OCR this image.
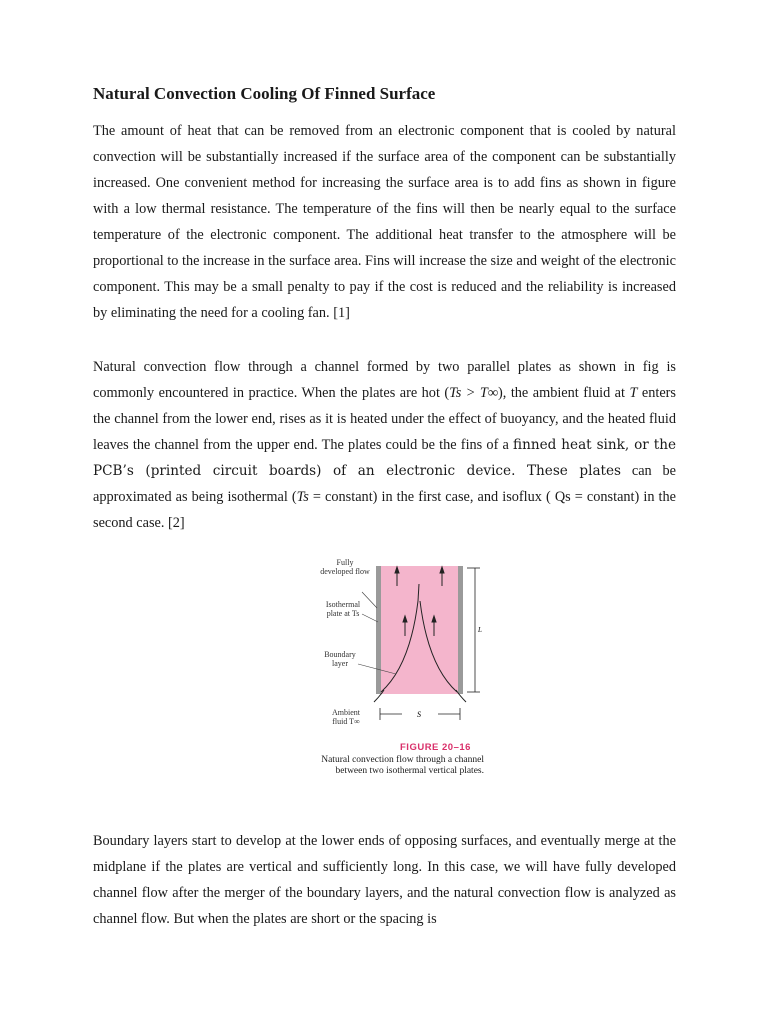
Natural Convection Cooling Of Finned Surface

The amount of heat that can be removed from an electronic component that is cooled by natural convection will be substantially increased if the surface area of the component can be substantially increased. One convenient method for increasing the surface area is to add fins as shown in figure with a low thermal resistance. The temperature of the fins will then be nearly equal to the surface temperature of the electronic component. The additional heat transfer to the atmosphere will be proportional to the increase in the surface area. Fins will increase the size and weight of the electronic component. This may be a small penalty to pay if the cost is reduced and the reliability is increased by eliminating the need for a cooling fan. [1]

Natural convection flow through a channel formed by two parallel plates as shown in fig is commonly encountered in practice. When the plates are hot (Ts > T∞), the ambient fluid at T enters the channel from the lower end, rises as it is heated under the effect of buoyancy, and the heated fluid leaves the channel from the upper end. The plates could be the fins of a finned heat sink, or the PCB’s (printed circuit boards) of an electronic device. These plates can be approximated as being isothermal (Ts = constant) in the first case, and isoflux ( Qs = constant) in the second case. [2]

L
S
Fully developed flow
Isothermal plate at Ts
Boundary layer
Ambient fluid T∞
FIGURE 20–16
Natural convection flow through a channel between two isothermal vertical plates.

Boundary layers start to develop at the lower ends of opposing surfaces, and eventually merge at the midplane if the plates are vertical and sufficiently long. In this case, we will have fully developed channel flow after the merger of the boundary layers, and the natural convection flow is analyzed as channel flow. But when the plates are short or the spacing is
